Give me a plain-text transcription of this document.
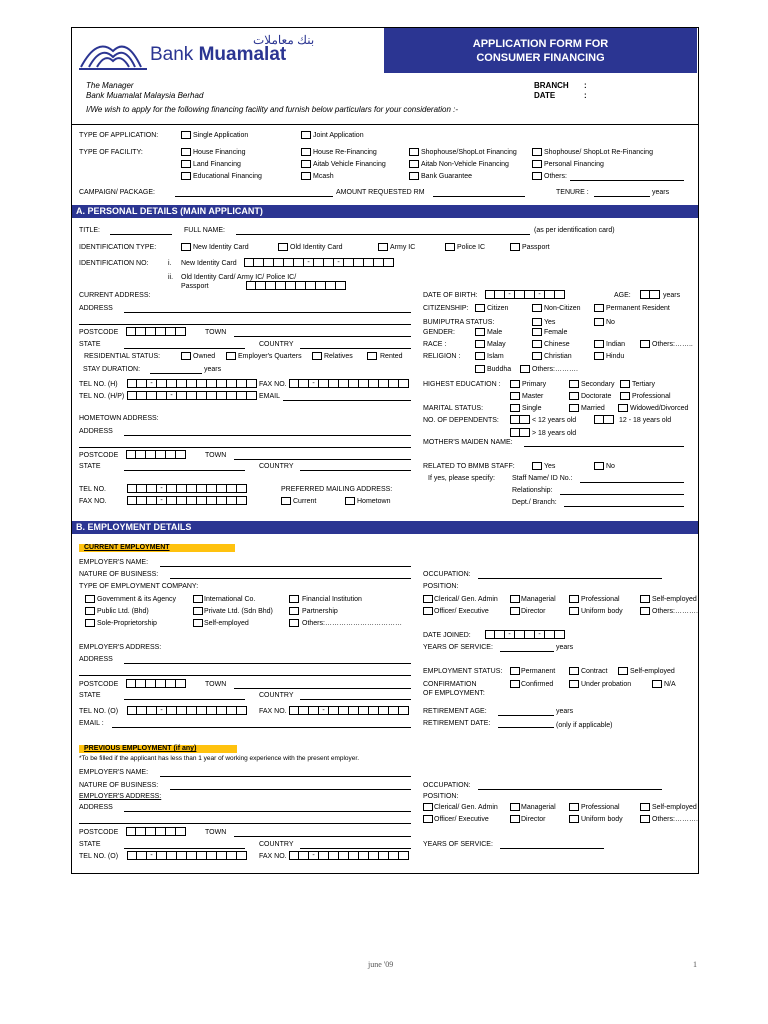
Bank Muamalat
بنك معاملات	APPLICATION FORM FOR
CONSUMER FINANCING
The Manager
Bank Muamalat Malaysia Berhad
BRANCH :
DATE	:
I/We wish to apply for the following financing facility and furnish below particulars for your consideration :-
TYPE OF APPLICATION:	Single Application	Joint Application
TYPE OF FACILITY:	House Financing	House Re-Financing	Shophouse/ShopLot Financing	Shophouse/ ShopLot Re-Financing
Land Financing	Aitab Vehicle Financing	Aitab Non-Vehicle Financing	Personal Financing
Educational Financing	Mcash	Bank Guarantee	Others:
CAMPAIGN/ PACKAGE:	AMOUNT REQUESTED RM	TENURE :	years
A. PERSONAL DETAILS (MAIN APPLICANT)
TITLE:	FULL NAME:	(as per identification card)
IDENTIFICATION TYPE:	New Identity Card	Old Identity Card	Army IC	Police IC	Passport
IDENTIFICATION NO:	i. New Identity Card	-	-
ii. Old Identity Card/ Army IC/ Police IC/
Passport
CURRENT ADDRESS:
ADDRESS
POSTCODE	TOWN
STATE	COUNTRY
RESIDENTIAL STATUS:	Owned	Employer's Quarters	Relatives	Rented
STAY DURATION:	years
TEL NO. (H)	-	FAX NO.	-
TEL NO. (H/P)	-	EMAIL
HOMETOWN ADDRESS:
ADDRESS
POSTCODE	TOWN
STATE	COUNTRY
TEL NO.	-
FAX NO.	-
PREFERRED MAILING ADDRESS:
Current	Hometown
DATE OF BIRTH:	-	-	AGE:	years
CITIZENSHIP:	Citizen	Non-Citizen	Permanent Resident
BUMIPUTRA STATUS:	Yes	No
GENDER:	Male	Female
RACE :	Malay	Chinese	Indian	Others:……..
RELIGION :	Islam	Christian	Hindu
Buddha	Others:……….
HIGHEST EDUCATION :	Primary	Secondary	Tertiary
Master	Doctorate	Professional
MARITAL STATUS:	Single	Married	Widowed/Divorced
NO. OF DEPENDENTS:	< 12 years old	12 - 18 years old
> 18 years old
MOTHER'S MAIDEN NAME:
RELATED TO BMMB STAFF:	Yes	No
If yes, please specify: Staff Name/ ID No.:
Relationship:
Dept./ Branch:
B. EMPLOYMENT DETAILS
CURRENT EMPLOYMENT
EMPLOYER'S NAME:
NATURE OF BUSINESS:
TYPE OF EMPLOYMENT COMPANY:
Government & its Agency	International Co.	Financial Institution
Public Ltd. (Bhd)	Private Ltd. (Sdn Bhd)	Partnership
Sole-Proprietorship	Self-employed	Others:……………………………
EMPLOYER'S ADDRESS:
ADDRESS
POSTCODE	TOWN
STATE	COUNTRY
TEL NO. (O)	-	FAX NO.	-
EMAIL :
OCCUPATION:
POSITION:
Clerical/ Gen. Admin	Managerial	Professional	Self-employed
Officer/ Executive	Director	Uniform body	Others:……….
DATE JOINED:	-	-
YEARS OF SERVICE:	years
EMPLOYMENT STATUS:	Permanent	Contract	Self-employed
CONFIRMATION
OF EMPLOYMENT:
Confirmed	Under probation	N/A
RETIREMENT AGE:	years
RETIREMENT DATE:	(only if applicable)
PREVIOUS EMPLOYMENT (if any)
*To be filled if the applicant has less than 1 year of working experience with the present employer.
EMPLOYER'S NAME:
NATURE OF BUSINESS:
EMPLOYER'S ADDRESS:
ADDRESS
POSTCODE	TOWN
STATE	COUNTRY
TEL NO. (O)	-	FAX NO.	-
OCCUPATION:
POSITION:
Clerical/ Gen. Admin	Managerial	Professional	Self-employed
Officer/ Executive	Director	Uniform body	Others:……….
YEARS OF SERVICE:
june '09	1
